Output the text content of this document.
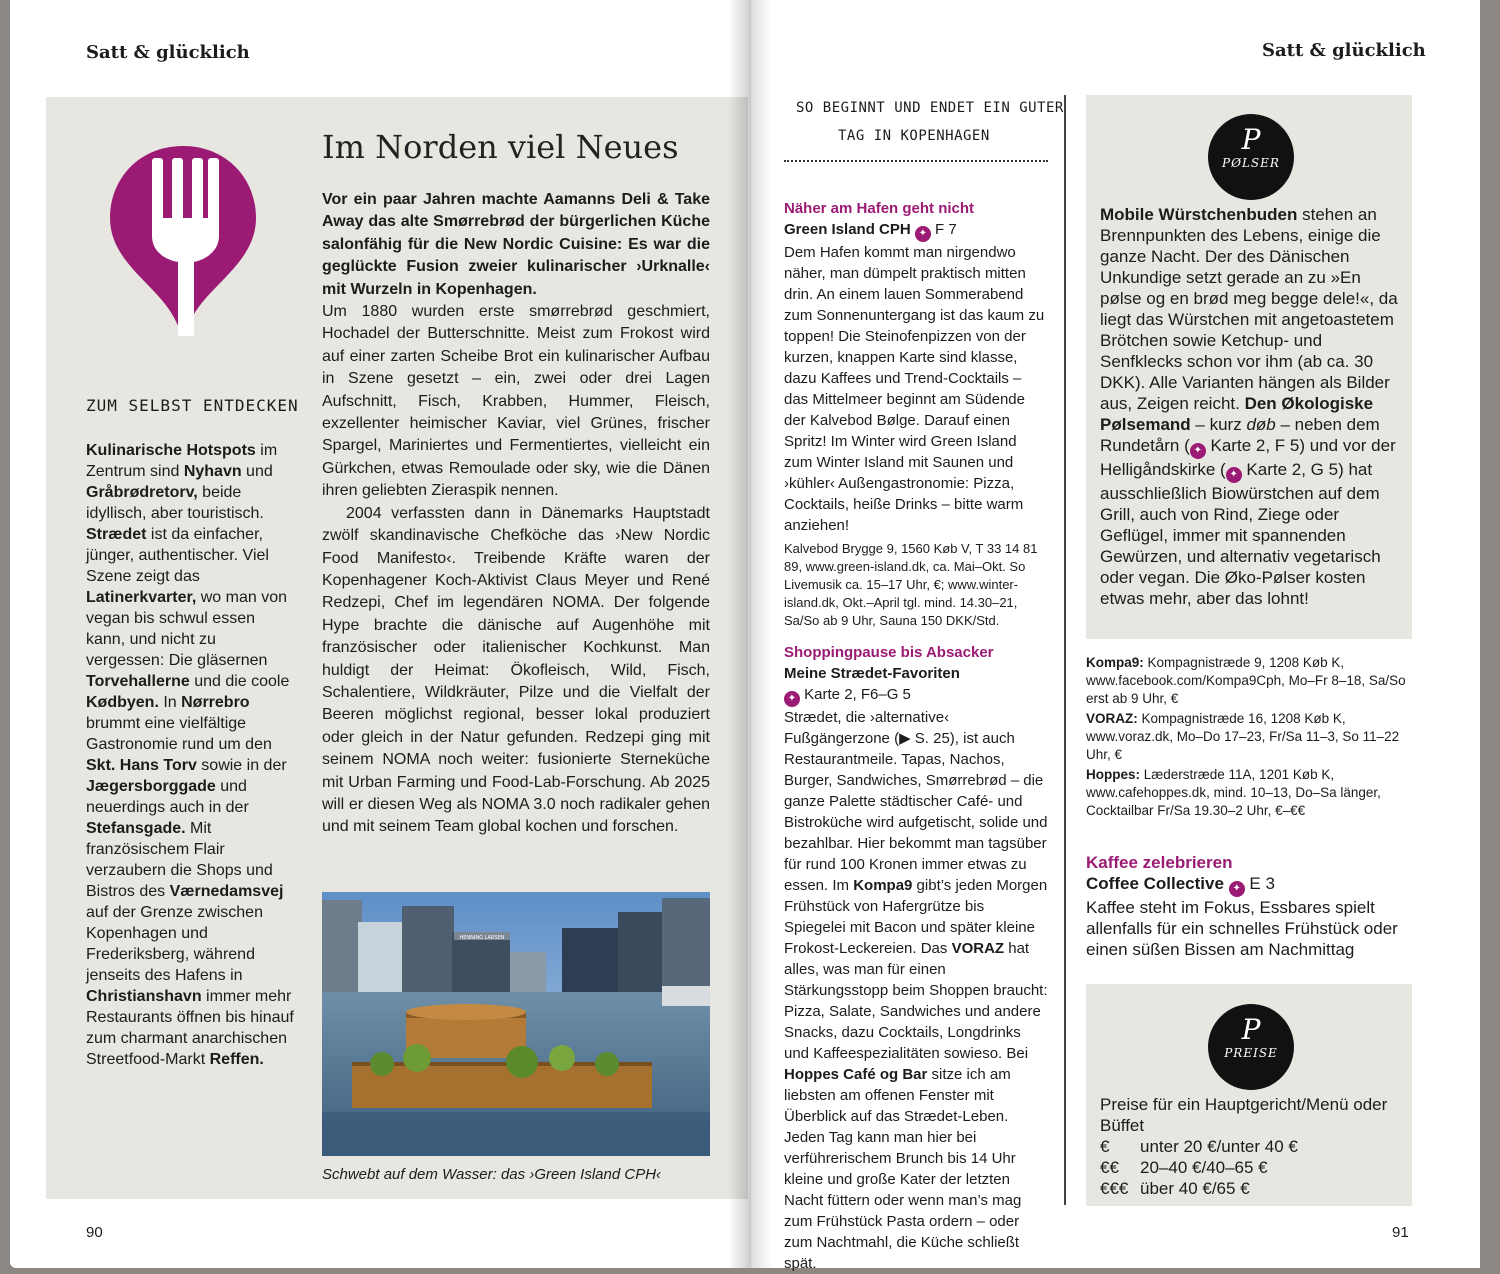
Satt & glücklich	Satt & glücklich
ZUM SELBST ENTDECKEN
Kulinarische Hotspots im Zentrum sind Nyhavn und Gråbrødretorv, beide idyllisch, aber touristisch. Strædet ist da einfacher, jünger, authentischer. Viel Szene zeigt das Latinerkvarter, wo man von vegan bis schwul essen kann, und nicht zu vergessen: Die gläsernen Torvehallerne und die coole Kødbyen. In Nørrebro brummt eine vielfältige Gastronomie rund um den Skt. Hans Torv sowie in der Jægersborggade und neuerdings auch in der Stefansgade. Mit französischem Flair verzaubern die Shops und Bistros des Værnedamsvej auf der Grenze zwischen Kopenhagen und Frederiksberg, während jenseits des Hafens in Christianshavn immer mehr Restaurants öffnen bis hinauf zum charmant anarchischen Streetfood-Markt Reffen.
Im Norden viel Neues

Vor ein paar Jahren machte Aamanns Deli & Take Away das alte Smørrebrød der bürgerlichen Küche salonfähig für die New Nordic Cuisine: Es war die geglückte Fusion zweier kulinarischer ›Urknalle‹ mit Wurzeln in Kopenhagen.

Um 1880 wurden erste smørrebrød geschmiert, Hochadel der Butterschnitte. Meist zum Frokost wird auf einer zarten Scheibe Brot ein kulinarischer Aufbau in Szene gesetzt – ein, zwei oder drei Lagen Aufschnitt, Fisch, Krabben, Hummer, Fleisch, exzellenter heimischer Kaviar, viel Grünes, frischer Spargel, Mariniertes und Fermentiertes, vielleicht ein Gürkchen, etwas Remoulade oder sky, wie die Dänen ihren geliebten Zieraspik nennen.

2004 verfassten dann in Dänemarks Hauptstadt zwölf skandinavische Chefköche das ›New Nordic Food Manifesto‹. Treibende Kräfte waren der Kopenhagener Koch-Aktivist Claus Meyer und René Redzepi, Chef im legendären NOMA. Der folgende Hype brachte die dänische auf Augenhöhe mit französischer oder italienischer Kochkunst. Man huldigt der Heimat: Ökofleisch, Wild, Fisch, Schalentiere, Wildkräuter, Pilze und die Vielfalt der Beeren möglichst regional, besser lokal produziert oder gleich in der Natur gefunden. Redzepi ging mit seinem NOMA noch weiter: fusionierte Sterneküche mit Urban Farming und Food-Lab-Forschung. Ab 2025 will er diesen Weg als NOMA 3.0 noch radikaler gehen und mit seinem Team global kochen und forschen.

HENNING LARSEN
Schwebt auf dem Wasser: das ›Green Island CPH‹
90	91
SO BEGINNT UND ENDET EIN GUTER
TAG IN KOPENHAGEN
Näher am Hafen geht nicht
Green Island CPH ✦ F 7
Dem Hafen kommt man nirgendwo näher, man dümpelt praktisch mitten drin. An einem lauen Sommerabend zum Sonnenuntergang ist das kaum zu toppen! Die Steinofenpizzen von der kurzen, knappen Karte sind klasse, dazu Kaffees und Trend-Cocktails – das Mittelmeer beginnt am Südende der Kalvebod Bølge. Darauf einen Spritz! Im Winter wird Green Island zum Winter Island mit Saunen und ›kühler‹ Außengastronomie: Pizza, Cocktails, heiße Drinks – bitte warm anziehen!
Kalvebod Brygge 9, 1560 Køb V, T 33 14 81 89, www.green-island.dk, ca. Mai–Okt. So Livemusik ca. 15–17 Uhr, €; www.winter-island.dk, Okt.–April tgl. mind. 14.30–21, Sa/So ab 9 Uhr, Sauna 150 DKK/Std.
Shoppingpause bis Absacker
Meine Strædet-Favoriten
✦ Karte 2, F6–G 5
Strædet, die ›alternative‹ Fußgängerzone (▶ S. 25), ist auch Restaurantmeile. Tapas, Nachos, Burger, Sandwiches, Smørrebrød – die ganze Palette städtischer Café- und Bistroküche wird aufgetischt, solide und bezahlbar. Hier bekommt man tagsüber für rund 100 Kronen immer etwas zu essen. Im Kompa9 gibt’s jeden Morgen Frühstück von Hafergrütze bis Spiegelei mit Bacon und später kleine Frokost-Leckereien. Das VORAZ hat alles, was man für einen Stärkungsstopp beim Shoppen braucht: Pizza, Salate, Sandwiches und andere Snacks, dazu Cocktails, Longdrinks und Kaffeespezialitäten sowieso. Bei Hoppes Café og Bar sitze ich am liebsten am offenen Fenster mit Überblick auf das Strædet-Leben. Jeden Tag kann man hier bei verführerischem Brunch bis 14 Uhr kleine und große Kater der letzten Nacht füttern oder wenn man’s mag zum Frühstück Pasta ordern – oder zum Nachtmahl, die Küche schließt spät.
P
PØLSER
Mobile Würstchenbuden stehen an Brennpunkten des Lebens, einige die ganze Nacht. Der des Dänischen Unkundige setzt gerade an zu »En pølse og en brød meg begge dele!«, da liegt das Würstchen mit angetoastetem Brötchen sowie Ketchup- und Senfklecks schon vor ihm (ab ca. 30 DKK). Alle Varianten hängen als Bilder aus, Zeigen reicht. Den Økologiske Pølsemand – kurz døb – neben dem Rundetårn ( ✦ Karte 2, F 5) und vor der Helligåndskirke ( ✦ Karte 2, G 5) hat ausschließlich Biowürstchen auf dem Grill, auch von Rind, Ziege oder Geflügel, immer mit spannenden Gewürzen, und alternativ vegetarisch oder vegan. Die Øko-Pølser kosten etwas mehr, aber das lohnt!

Kompa9: Kompagnistræde 9, 1208 Køb K, www.facebook.com/Kompa9Cph, Mo–Fr 8–18, Sa/So erst ab 9 Uhr, €

VORAZ: Kompagnistræde 16, 1208 Køb K, www.voraz.dk, Mo–Do 17–23, Fr/Sa 11–3, So 11–22 Uhr, €

Hoppes: Læderstræde 11A, 1201 Køb K, www.cafehoppes.dk, mind. 10–13, Do–Sa länger, Cocktailbar Fr/Sa 19.30–2 Uhr, €–€€

Kaffee zelebrieren
Coffee Collective ✦ E 3
Kaffee steht im Fokus, Essbares spielt allenfalls für ein schnelles Frühstück oder einen süßen Bissen am Nachmittag
P
PREISE
Preise für ein Hauptgericht/Menü oder Büffet
€	unter 20 €/unter 40 €
€€	20–40 €/40–65 €
€€€	über 40 €/65 €
